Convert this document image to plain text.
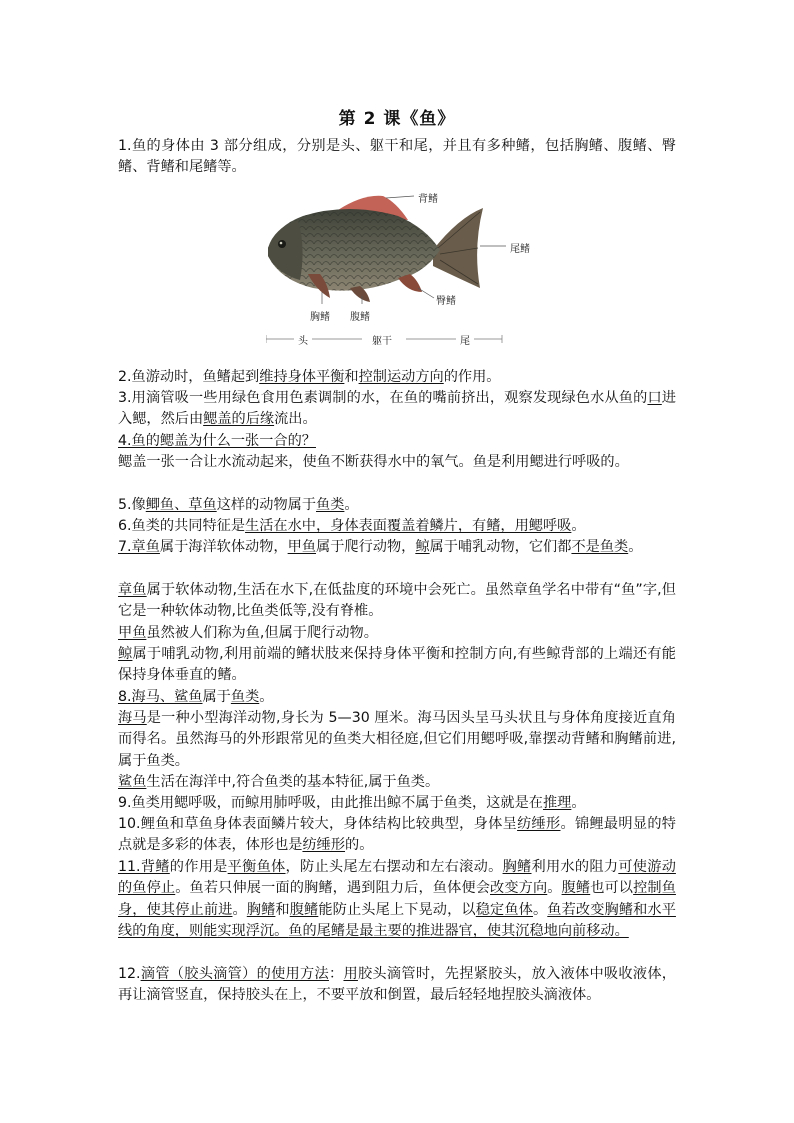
第 2 课《鱼》

1.鱼的身体由 3 部分组成，分别是头、躯干和尾，并且有多种鳍，包括胸鳍、腹鳍、臀鳍、背鳍和尾鳍等。

背鳍
尾鳍
臀鳍
胸鳍 腹鳍
头	躯干	尾

2.鱼游动时，鱼鳍起到维持身体平衡和控制运动方向的作用。

3.用滴管吸一些用绿色食用色素调制的水，在鱼的嘴前挤出，观察发现绿色水从鱼的口进入鳃，然后由鳃盖的后缘流出。

4.鱼的鳃盖为什么一张一合的？

鳃盖一张一合让水流动起来，使鱼不断获得水中的氧气。鱼是利用鳃进行呼吸的。

5.像鲫鱼、草鱼这样的动物属于鱼类。

6.鱼类的共同特征是生活在水中，身体表面覆盖着鳞片，有鳍，用鳃呼吸。

7.章鱼属于海洋软体动物，甲鱼属于爬行动物，鲸属于哺乳动物，它们都不是鱼类。

章鱼属于软体动物,生活在水下,在低盐度的环境中会死亡。虽然章鱼学名中带有“鱼”字,但它是一种软体动物,比鱼类低等,没有脊椎。

甲鱼虽然被人们称为鱼,但属于爬行动物。

鲸属于哺乳动物,利用前端的鳍状肢来保持身体平衡和控制方向,有些鲸背部的上端还有能保持身体垂直的鳍。

8.海马、鲨鱼属于鱼类。

海马是一种小型海洋动物,身长为 5—30 厘米。海马因头呈马头状且与身体角度接近直角而得名。虽然海马的外形跟常见的鱼类大相径庭,但它们用鳃呼吸,靠摆动背鳍和胸鳍前进,属于鱼类。

鲨鱼生活在海洋中,符合鱼类的基本特征,属于鱼类。

9.鱼类用鳃呼吸，而鲸用肺呼吸，由此推出鲸不属于鱼类，这就是在推理。

10.鲤鱼和草鱼身体表面鳞片较大，身体结构比较典型，身体呈纺缍形。锦鲤最明显的特点就是多彩的体表，体形也是纺缍形的。

11.背鳍的作用是平衡鱼体，防止头尾左右摆动和左右滚动。胸鳍利用水的阻力可使游动的鱼停止。鱼若只伸展一面的胸鳍，遇到阻力后，鱼体便会改变方向。腹鳍也可以控制鱼身，使其停止前进。胸鳍和腹鳍能防止头尾上下晃动，以稳定鱼体。鱼若改变胸鳍和水平线的角度，则能实现浮沉。鱼的尾鳍是最主要的推进器官，使其沉稳地向前移动。

12.滴管（胶头滴管）的使用方法：用胶头滴管时，先捏紧胶头，放入液体中吸收液体，再让滴管竖直，保持胶头在上，不要平放和倒置，最后轻轻地捏胶头滴液体。
